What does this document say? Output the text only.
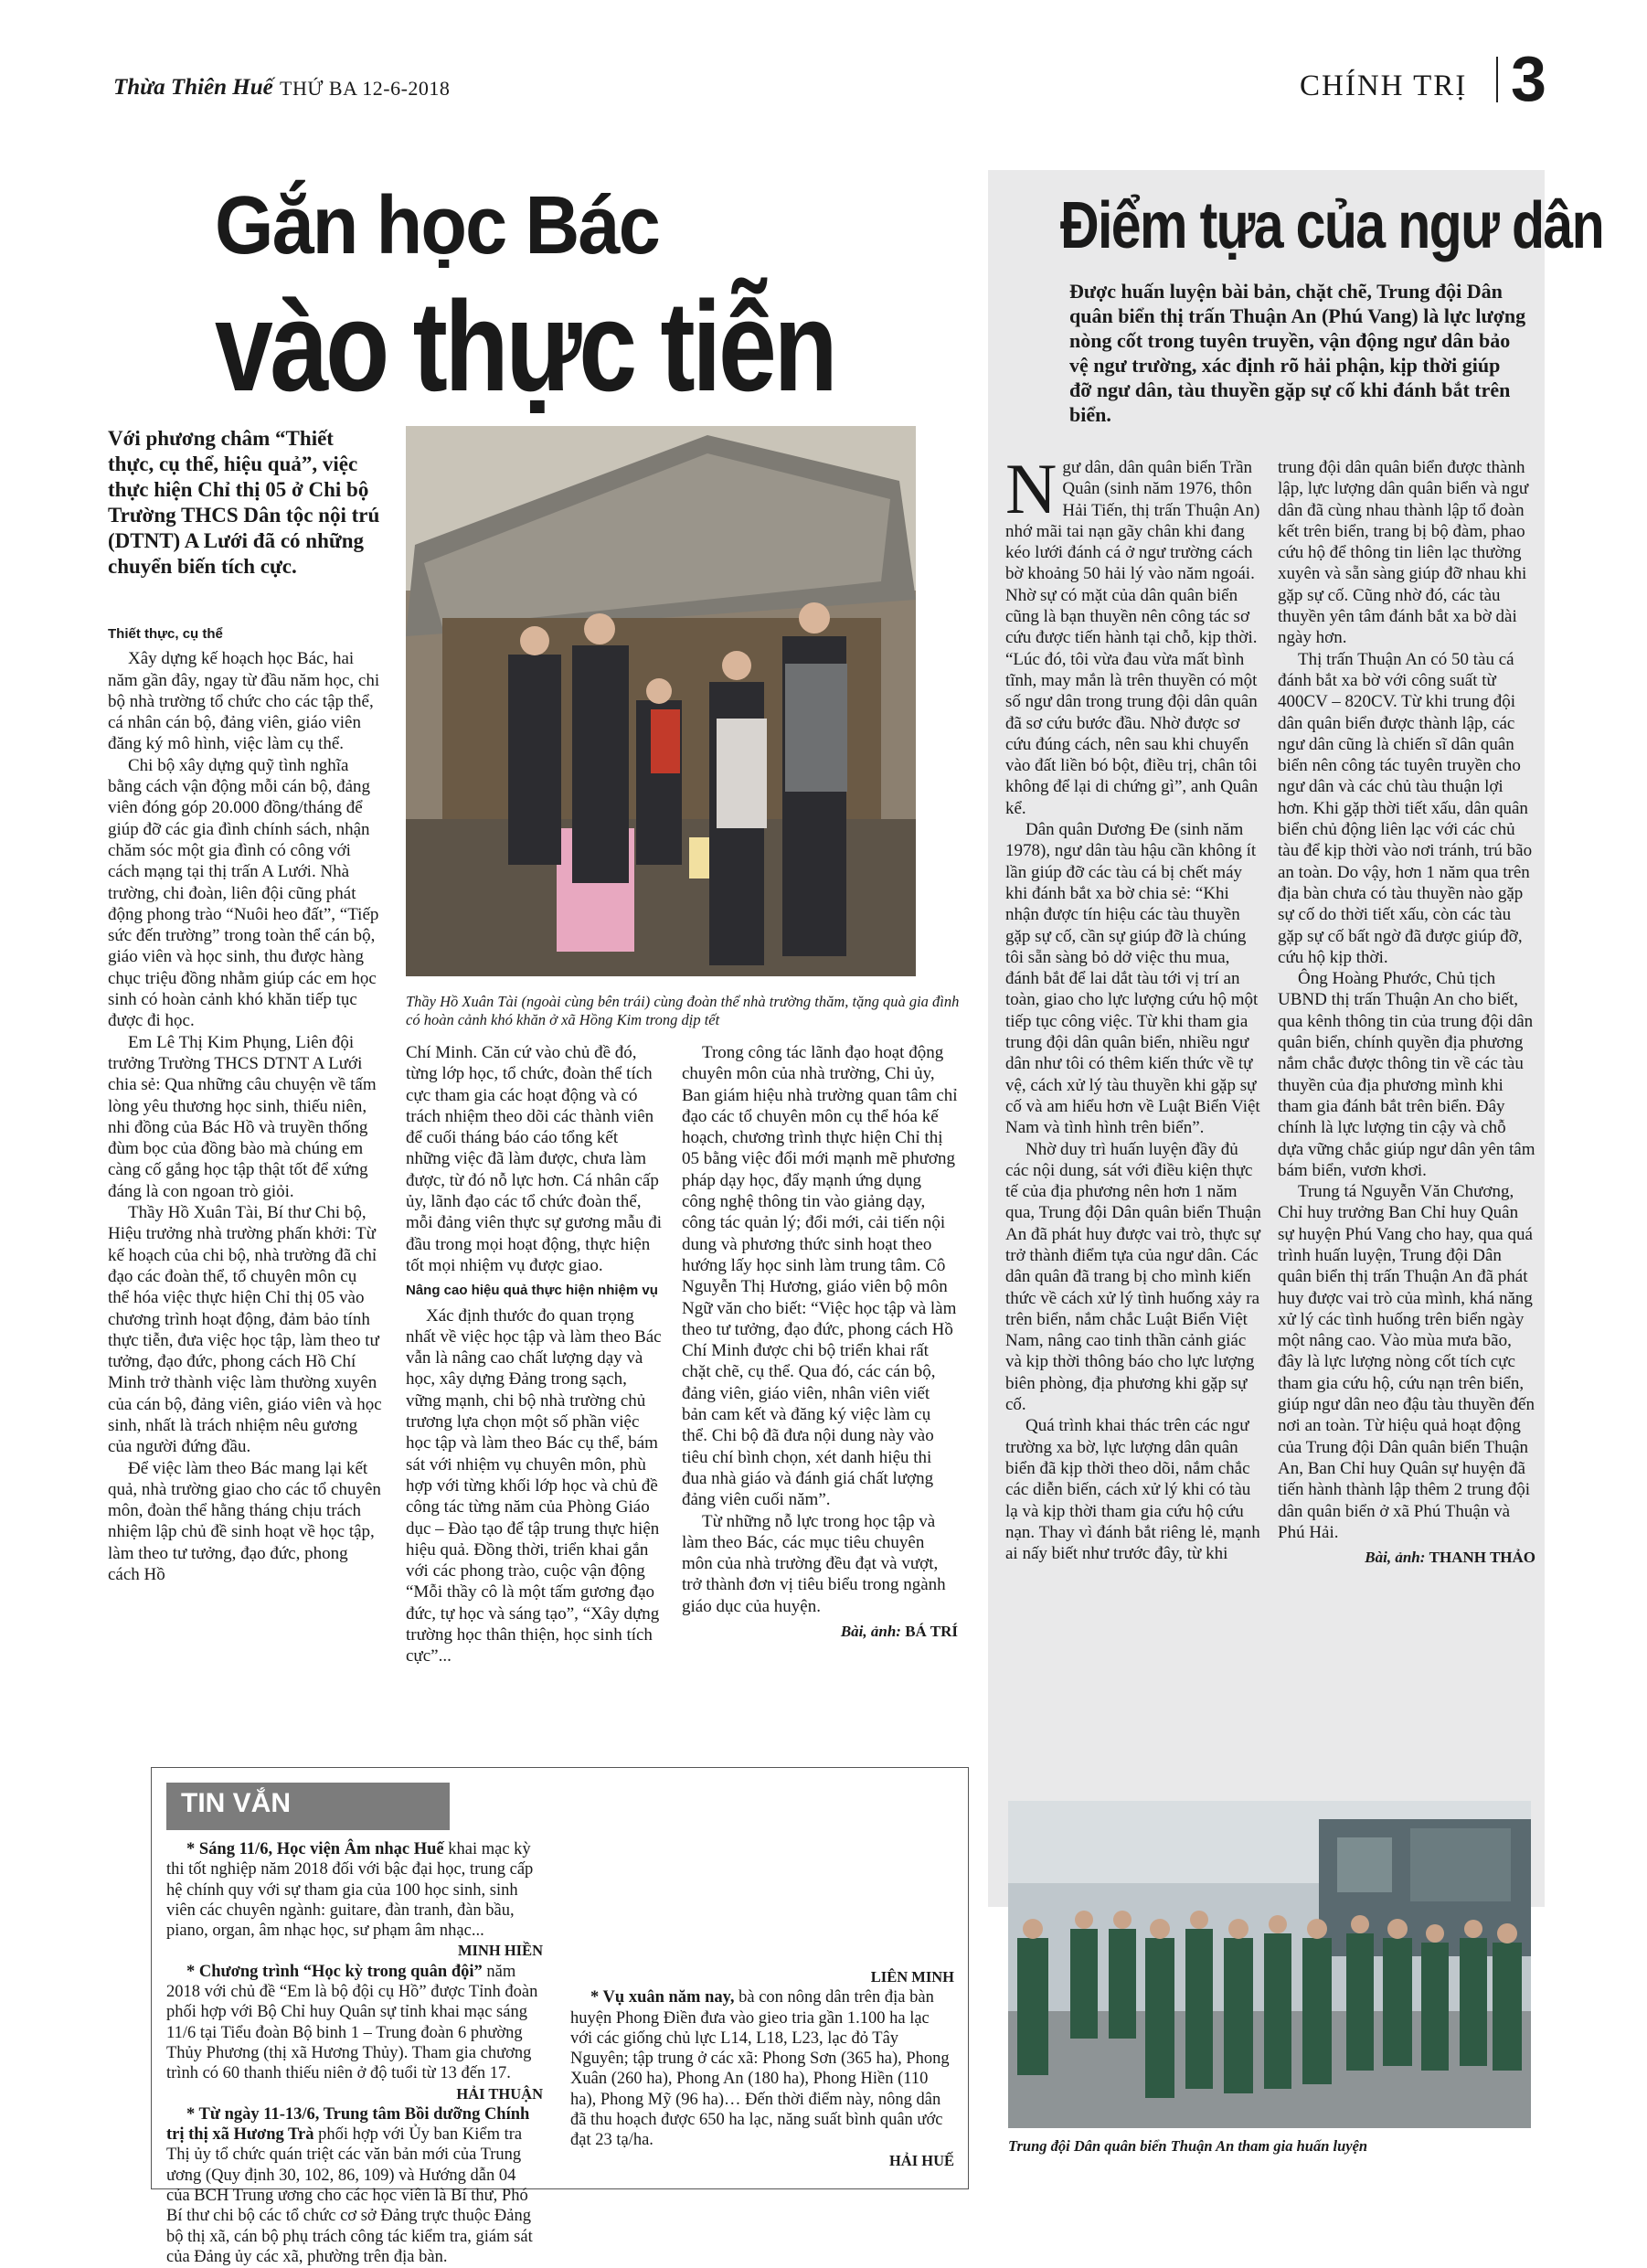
Thừa Thiên Huế THỨ BA 12-6-2018	CHÍNH TRỊ 3
Gắn học Bác
vào thực tiễn
Với phương châm “Thiết thực, cụ thể, hiệu quả”, việc thực hiện Chỉ thị 05 ở Chi bộ Trường THCS Dân tộc nội trú (DTNT) A Lưới đã có những chuyển biến tích cực.
Thiết thực, cụ thể

Xây dựng kế hoạch học Bác, hai năm gần đây, ngay từ đầu năm học, chi bộ nhà trường tổ chức cho các tập thể, cá nhân cán bộ, đảng viên, giáo viên đăng ký mô hình, việc làm cụ thể.

Chi bộ xây dựng quỹ tình nghĩa bằng cách vận động mỗi cán bộ, đảng viên đóng góp 20.000 đồng/tháng để giúp đỡ các gia đình chính sách, nhận chăm sóc một gia đình có công với cách mạng tại thị trấn A Lưới. Nhà trường, chi đoàn, liên đội cũng phát động phong trào “Nuôi heo đất”, “Tiếp sức đến trường” trong toàn thể cán bộ, giáo viên và học sinh, thu được hàng chục triệu đồng nhằm giúp các em học sinh có hoàn cảnh khó khăn tiếp tục được đi học.

Em Lê Thị Kim Phụng, Liên đội trưởng Trường THCS DTNT A Lưới chia sẻ: Qua những câu chuyện về tấm lòng yêu thương học sinh, thiếu niên, nhi đồng của Bác Hồ và truyền thống đùm bọc của đồng bào mà chúng em càng cố gắng học tập thật tốt để xứng đáng là con ngoan trò giỏi.

Thầy Hồ Xuân Tài, Bí thư Chi bộ, Hiệu trưởng nhà trường phấn khởi: Từ kế hoạch của chi bộ, nhà trường đã chỉ đạo các đoàn thể, tổ chuyên môn cụ thể hóa việc thực hiện Chỉ thị 05 vào chương trình hoạt động, đảm bảo tính thực tiễn, đưa việc học tập, làm theo tư tưởng, đạo đức, phong cách Hồ Chí Minh trở thành việc làm thường xuyên của cán bộ, đảng viên, giáo viên và học sinh, nhất là trách nhiệm nêu gương của người đứng đầu.

Để việc làm theo Bác mang lại kết quả, nhà trường giao cho các tổ chuyên môn, đoàn thể hằng tháng chịu trách nhiệm lập chủ đề sinh hoạt về học tập, làm theo tư tưởng, đạo đức, phong cách Hồ

Thầy Hồ Xuân Tài (ngoài cùng bên trái) cùng đoàn thể nhà trường thăm, tặng quà gia đình có hoàn cảnh khó khăn ở xã Hồng Kim trong dịp tết

Chí Minh. Căn cứ vào chủ đề đó, từng lớp học, tổ chức, đoàn thể tích cực tham gia các hoạt động và có trách nhiệm theo dõi các thành viên để cuối tháng báo cáo tổng kết những việc đã làm được, chưa làm được, từ đó nỗ lực hơn. Cá nhân cấp ủy, lãnh đạo các tổ chức đoàn thể, mỗi đảng viên thực sự gương mẫu đi đầu trong mọi hoạt động, thực hiện tốt mọi nhiệm vụ được giao.

Nâng cao hiệu quả thực hiện nhiệm vụ

Xác định thước đo quan trọng nhất về việc học tập và làm theo Bác vẫn là nâng cao chất lượng dạy và học, xây dựng Đảng trong sạch, vững mạnh, chi bộ nhà trường chủ trương lựa chọn một số phần việc học tập và làm theo Bác cụ thể, bám sát với nhiệm vụ chuyên môn, phù hợp với từng khối lớp học và chủ đề công tác từng năm của Phòng Giáo dục – Đào tạo để tập trung thực hiện hiệu quả. Đồng thời, triển khai gắn với các phong trào, cuộc vận động “Mỗi thầy cô là một tấm gương đạo đức, tự học và sáng tạo”, “Xây dựng trường học thân thiện, học sinh tích cực”...

Trong công tác lãnh đạo hoạt động chuyên môn của nhà trường, Chi ủy, Ban giám hiệu nhà trường quan tâm chỉ đạo các tổ chuyên môn cụ thể hóa kế hoạch, chương trình thực hiện Chỉ thị 05 bằng việc đổi mới mạnh mẽ phương pháp dạy học, đẩy mạnh ứng dụng công nghệ thông tin vào giảng dạy, công tác quản lý; đổi mới, cải tiến nội dung và phương thức sinh hoạt theo hướng lấy học sinh làm trung tâm. Cô Nguyễn Thị Hương, giáo viên bộ môn Ngữ văn cho biết: “Việc học tập và làm theo tư tưởng, đạo đức, phong cách Hồ Chí Minh được chi bộ triển khai rất chặt chẽ, cụ thể. Qua đó, các cán bộ, đảng viên, giáo viên, nhân viên viết bản cam kết và đăng ký việc làm cụ thể. Chi bộ đã đưa nội dung này vào tiêu chí bình chọn, xét danh hiệu thi đua nhà giáo và đánh giá chất lượng đảng viên cuối năm”.

Từ những nỗ lực trong học tập và làm theo Bác, các mục tiêu chuyên môn của nhà trường đều đạt và vượt, trở thành đơn vị tiêu biểu trong ngành giáo dục của huyện.

Bài, ảnh: BÁ TRÍ
Điểm tựa của ngư dân
Được huấn luyện bài bản, chặt chẽ, Trung đội Dân quân biển thị trấn Thuận An (Phú Vang) là lực lượng nòng cốt trong tuyên truyền, vận động ngư dân bảo vệ ngư trường, xác định rõ hải phận, kịp thời giúp đỡ ngư dân, tàu thuyền gặp sự cố khi đánh bắt trên biển.

Ngư dân, dân quân biển Trần Quân (sinh năm 1976, thôn Hải Tiến, thị trấn Thuận An) nhớ mãi tai nạn gãy chân khi đang kéo lưới đánh cá ở ngư trường cách bờ khoảng 50 hải lý vào năm ngoái. Nhờ sự có mặt của dân quân biển cũng là bạn thuyền nên công tác sơ cứu được tiến hành tại chỗ, kịp thời. “Lúc đó, tôi vừa đau vừa mất bình tĩnh, may mắn là trên thuyền có một số ngư dân trong trung đội dân quân đã sơ cứu bước đầu. Nhờ được sơ cứu đúng cách, nên sau khi chuyển vào đất liền bó bột, điều trị, chân tôi không để lại di chứng gì”, anh Quân kể.

Dân quân Dương Đe (sinh năm 1978), ngư dân tàu hậu cần không ít lần giúp đỡ các tàu cá bị chết máy khi đánh bắt xa bờ chia sẻ: “Khi nhận được tín hiệu các tàu thuyền gặp sự cố, cần sự giúp đỡ là chúng tôi sẵn sàng bỏ dở việc thu mua, đánh bắt để lai dắt tàu tới vị trí an toàn, giao cho lực lượng cứu hộ một tiếp tục công việc. Từ khi tham gia trung đội dân quân biển, nhiều ngư dân như tôi có thêm kiến thức về tự vệ, cách xử lý tàu thuyền khi gặp sự cố và am hiểu hơn về Luật Biển Việt Nam và tình hình trên biển”.

Nhờ duy trì huấn luyện đầy đủ các nội dung, sát với điều kiện thực tế của địa phương nên hơn 1 năm qua, Trung đội Dân quân biển Thuận An đã phát huy được vai trò, thực sự trở thành điểm tựa của ngư dân. Các dân quân đã trang bị cho mình kiến thức về cách xử lý tình huống xảy ra trên biển, nắm chắc Luật Biển Việt Nam, nâng cao tinh thần cảnh giác và kịp thời thông báo cho lực lượng biên phòng, địa phương khi gặp sự cố.

Quá trình khai thác trên các ngư trường xa bờ, lực lượng dân quân biển đã kịp thời theo dõi, nắm chắc các diễn biến, cách xử lý khi có tàu lạ và kịp thời tham gia cứu hộ cứu nạn. Thay vì đánh bắt riêng lẻ, mạnh ai nấy biết như trước đây, từ khi

trung đội dân quân biển được thành lập, lực lượng dân quân biển và ngư dân đã cùng nhau thành lập tổ đoàn kết trên biển, trang bị bộ đàm, phao cứu hộ để thông tin liên lạc thường xuyên và sẵn sàng giúp đỡ nhau khi gặp sự cố. Cũng nhờ đó, các tàu thuyền yên tâm đánh bắt xa bờ dài ngày hơn.

Thị trấn Thuận An có 50 tàu cá đánh bắt xa bờ với công suất từ 400CV – 820CV. Từ khi trung đội dân quân biển được thành lập, các ngư dân cũng là chiến sĩ dân quân biển nên công tác tuyên truyền cho ngư dân và các chủ tàu thuận lợi hơn. Khi gặp thời tiết xấu, dân quân biển chủ động liên lạc với các chủ tàu để kịp thời vào nơi tránh, trú bão an toàn. Do vậy, hơn 1 năm qua trên địa bàn chưa có tàu thuyền nào gặp sự cố do thời tiết xấu, còn các tàu gặp sự cố bất ngờ đã được giúp đỡ, cứu hộ kịp thời.

Ông Hoàng Phước, Chủ tịch UBND thị trấn Thuận An cho biết, qua kênh thông tin của trung đội dân quân biển, chính quyền địa phương nắm chắc được thông tin về các tàu thuyền của địa phương mình khi tham gia đánh bắt trên biển. Đây chính là lực lượng tin cậy và chỗ dựa vững chắc giúp ngư dân yên tâm bám biển, vươn khơi.

Trung tá Nguyễn Văn Chương, Chỉ huy trưởng Ban Chỉ huy Quân sự huyện Phú Vang cho hay, qua quá trình huấn luyện, Trung đội Dân quân biển thị trấn Thuận An đã phát huy được vai trò của mình, khá năng xử lý các tình huống trên biển ngày một nâng cao. Vào mùa mưa bão, đây là lực lượng nòng cốt tích cực tham gia cứu hộ, cứu nạn trên biển, giúp ngư dân neo đậu tàu thuyền đến nơi an toàn. Từ hiệu quả hoạt động của Trung đội Dân quân biển Thuận An, Ban Chỉ huy Quân sự huyện đã tiến hành thành lập thêm 2 trung đội dân quân biển ở xã Phú Thuận và Phú Hải.

Bài, ảnh: THANH THẢO
Trung đội Dân quân biển Thuận An tham gia huấn luyện
TIN VẮN

* Sáng 11/6, Học viện Âm nhạc Huế khai mạc kỳ thi tốt nghiệp năm 2018 đối với bậc đại học, trung cấp hệ chính quy với sự tham gia của 100 học sinh, sinh viên các chuyên ngành: guitare, đàn tranh, đàn bầu, piano, organ, âm nhạc học, sư phạm âm nhạc...

MINH HIỀN

* Chương trình “Học kỳ trong quân đội” năm 2018 với chủ đề “Em là bộ đội cụ Hồ” được Tỉnh đoàn phối hợp với Bộ Chỉ huy Quân sự tỉnh khai mạc sáng 11/6 tại Tiểu đoàn Bộ binh 1 – Trung đoàn 6 phường Thủy Phương (thị xã Hương Thủy). Tham gia chương trình có 60 thanh thiếu niên ở độ tuổi từ 13 đến 17.

HẢI THUẬN

* Từ ngày 11-13/6, Trung tâm Bồi dưỡng Chính trị thị xã Hương Trà phối hợp với Ủy ban Kiểm tra Thị ủy tổ chức quán triệt các văn bản mới của Trung ương (Quy định 30, 102, 86, 109) và Hướng dẫn 04 của BCH Trung ương cho các học viên là Bí thư, Phó Bí thư chi bộ các tổ chức cơ sở Đảng trực thuộc Đảng bộ thị xã, cán bộ phụ trách công tác kiểm tra, giám sát của Đảng ủy các xã, phường trên địa bàn.

LIÊN MINH

* Vụ xuân năm nay, bà con nông dân trên địa bàn huyện Phong Điền đưa vào gieo tria gần 1.100 ha lạc với các giống chủ lực L14, L18, L23, lạc đỏ Tây Nguyên; tập trung ở các xã: Phong Sơn (365 ha), Phong Xuân (260 ha), Phong An (180 ha), Phong Hiền (110 ha), Phong Mỹ (96 ha)… Đến thời điểm này, nông dân đã thu hoạch được 650 ha lạc, năng suất bình quân ước đạt 23 tạ/ha.

HẢI HUẾ
